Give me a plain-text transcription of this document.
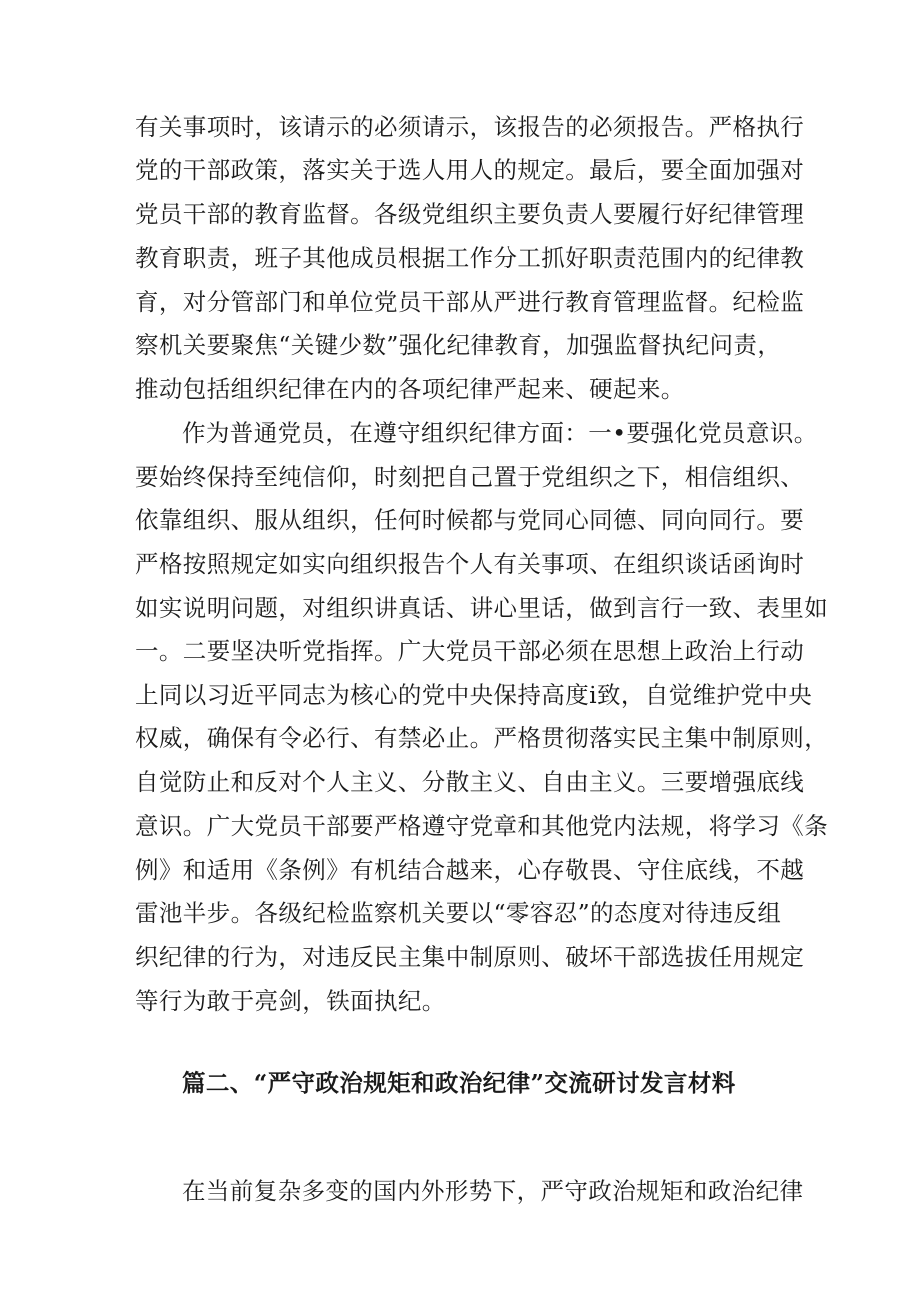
有关事项时，该请示的必须请示，该报告的必须报告。严格执行
党的干部政策，落实关于选人用人的规定。最后，要全面加强对
党员干部的教育监督。各级党组织主要负责人要履行好纪律管理
教育职责，班子其他成员根据工作分工抓好职责范围内的纪律教
育，对分管部门和单位党员干部从严进行教育管理监督。纪检监
察机关要聚焦“关键少数”强化纪律教育，加强监督执纪问责，
推动包括组织纪律在内的各项纪律严起来、硬起来。
作为普通党员，在遵守组织纪律方面：一•要强化党员意识。
要始终保持至纯信仰，时刻把自己置于党组织之下，相信组织、
依靠组织、服从组织，任何时候都与党同心同德、同向同行。要
严格按照规定如实向组织报告个人有关事项、在组织谈话函询时
如实说明问题，对组织讲真话、讲心里话，做到言行一致、表里如
一。二要坚决听党指挥。广大党员干部必须在思想上政治上行动
上同以习近平同志为核心的党中央保持高度i致，自觉维护党中央
权威，确保有令必行、有禁必止。严格贯彻落实民主集中制原则，
自觉防止和反对个人主义、分散主义、自由主义。三要增强底线
意识。广大党员干部要严格遵守党章和其他党内法规，将学习《条
例》和适用《条例》有机结合越来，心存敬畏、守住底线，不越
雷池半步。各级纪检监察机关要以“零容忍”的态度对待违反组
织纪律的行为，对违反民主集中制原则、破坏干部选拔任用规定
等行为敢于亮剑，铁面执纪。
篇二、“严守政治规矩和政治纪律”交流研讨发言材料
在当前复杂多变的国内外形势下，严守政治规矩和政治纪律
